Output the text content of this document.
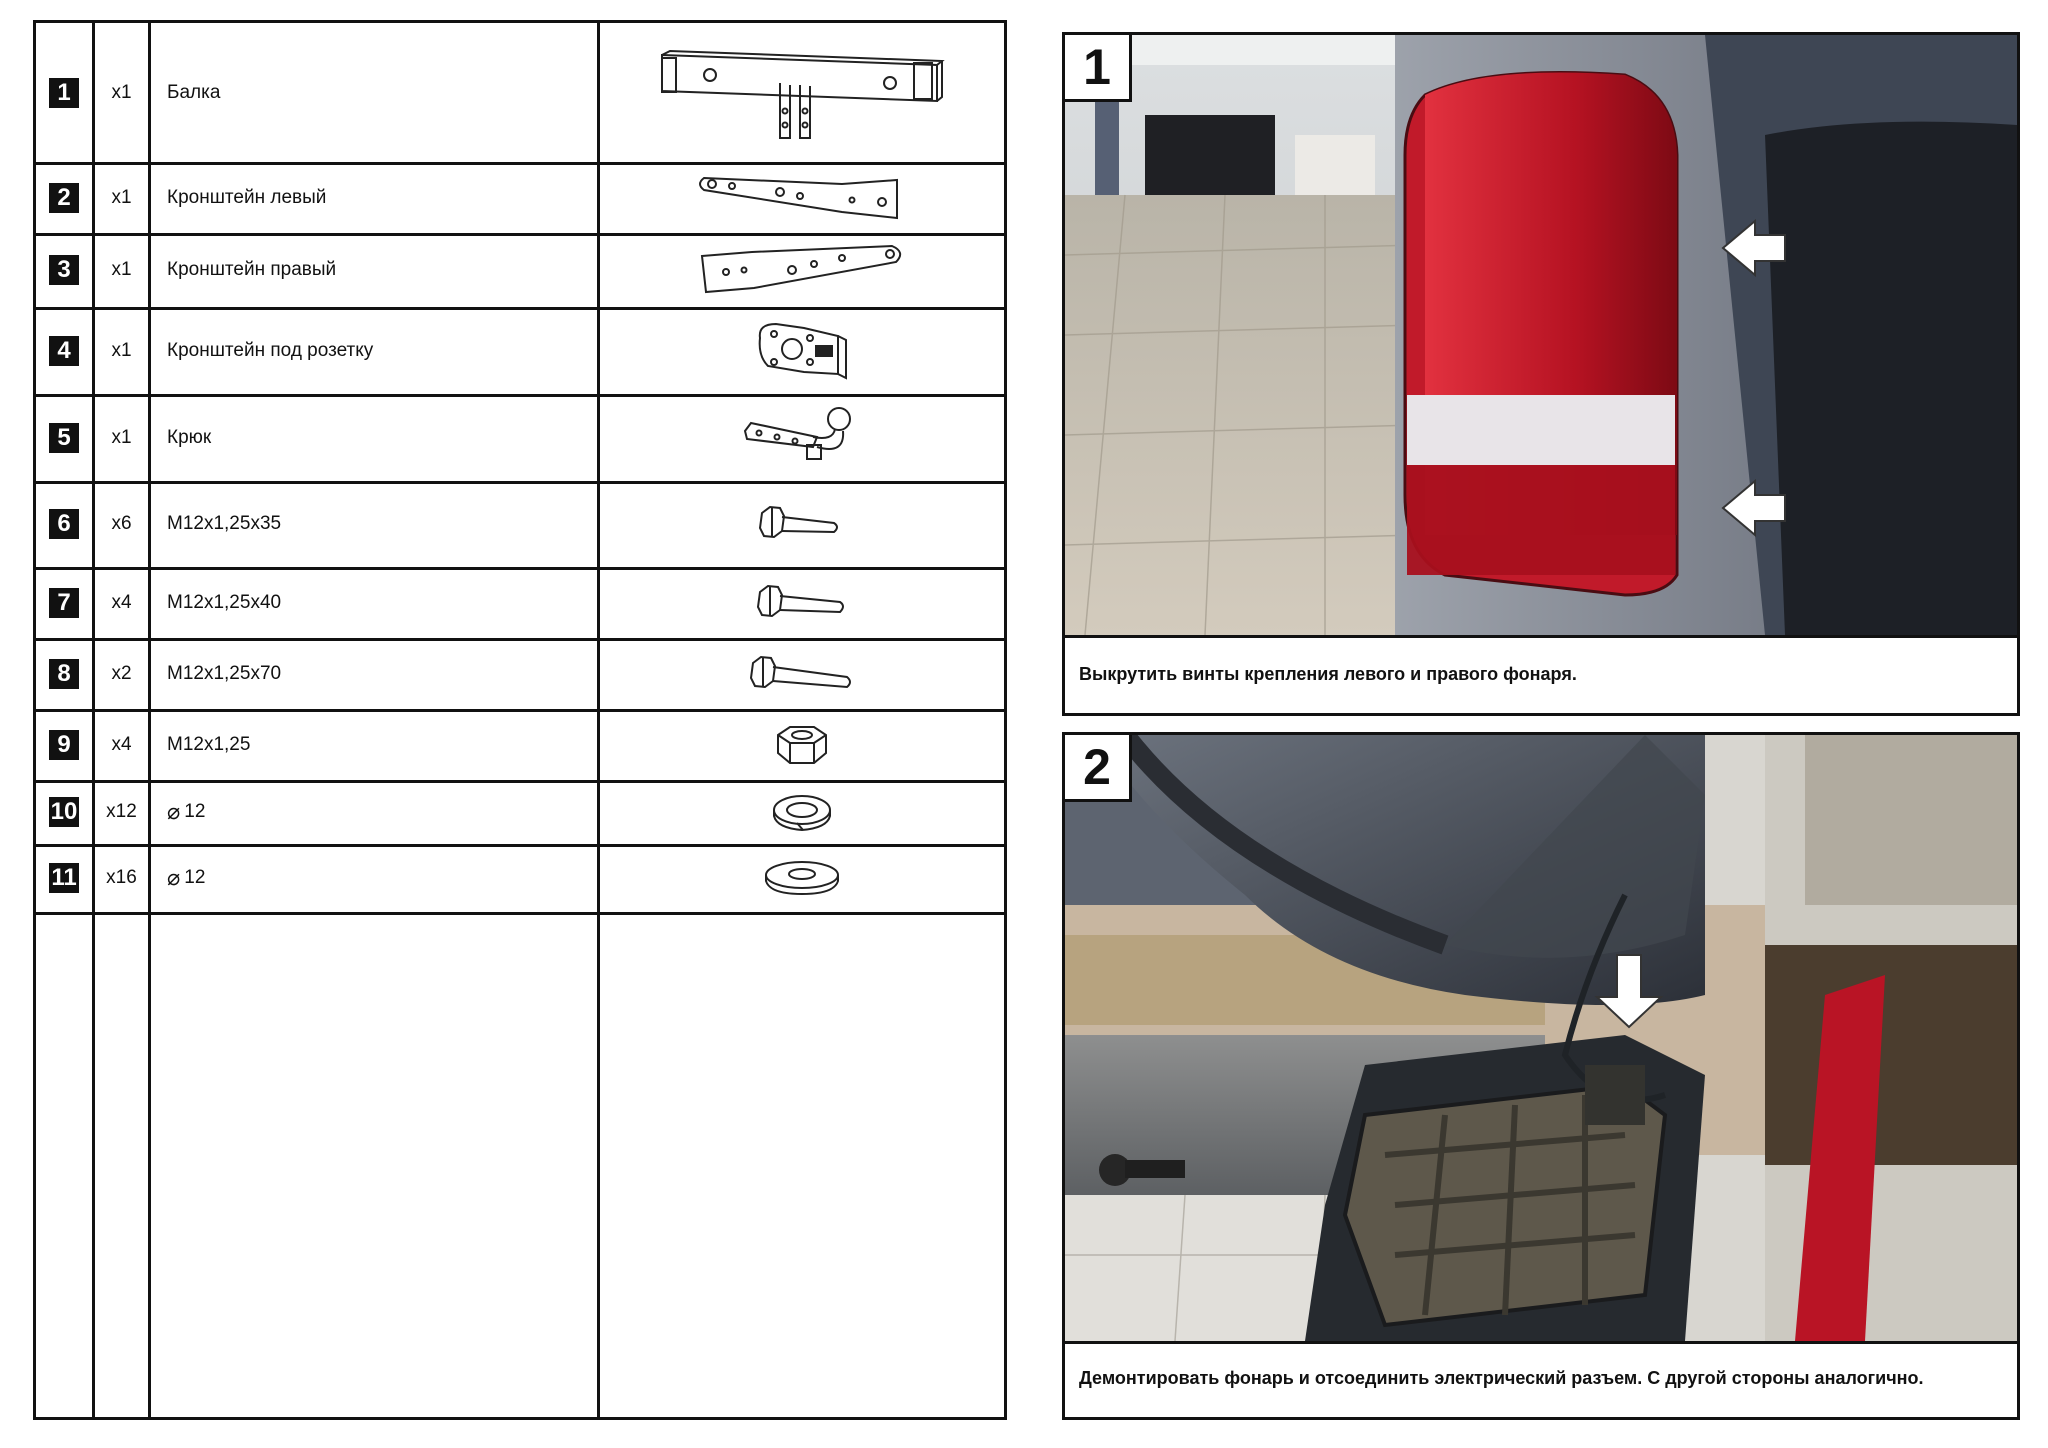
1	x1	Балка
2	x1	Кронштейн левый
3	x1	Кронштейн правый
4	x1	Кронштейн под розетку
5	x1	Крюк
6	x6	M12x1,25x35
7	x4	M12x1,25x40
8	x2	M12x1,25x70
9	x4	M12x1,25
10	x12	⌀ 12
11	x16	⌀ 12
1
Выкрутить винты крепления левого и правого фонаря.
2
Демонтировать фонарь и отсоединить электрический разъем. С другой стороны аналогично.
